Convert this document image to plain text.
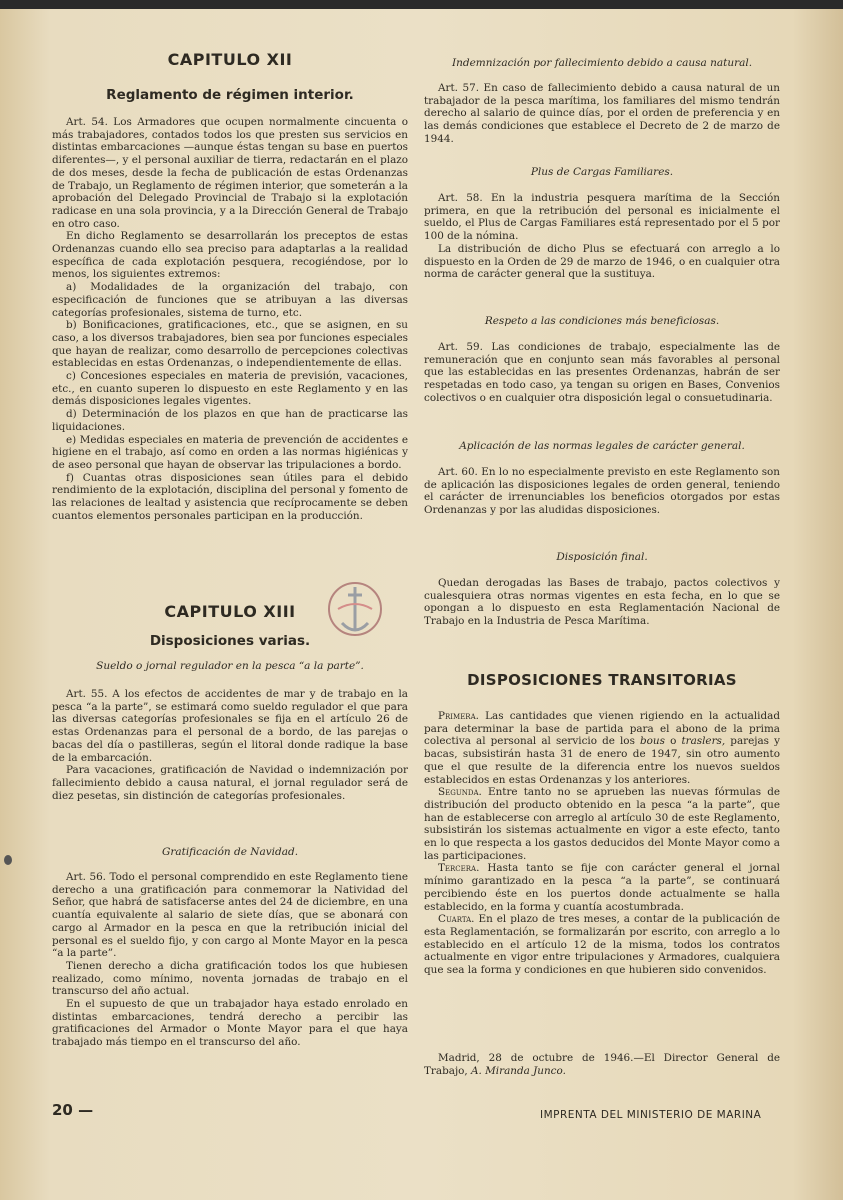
CAPITULO XII
Reglamento de régimen interior.

Art. 54. Los Armadores que ocupen normalmente cincuenta o más trabajadores, contados todos los que presten sus servicios en distintas embarcaciones —aunque éstas tengan su base en puertos diferentes—, y el personal auxiliar de tierra, redactarán en el plazo de dos meses, desde la fecha de publicación de estas Ordenanzas de Trabajo, un Reglamento de régimen interior, que someterán a la aprobación del Delegado Provincial de Trabajo si la explotación radicase en una sola provincia, y a la Dirección General de Trabajo en otro caso.

En dicho Reglamento se desarrollarán los preceptos de estas Ordenanzas cuando ello sea preciso para adaptarlas a la realidad específica de cada explotación pesquera, recogiéndose, por lo menos, los siguientes extremos:

a) Modalidades de la organización del trabajo, con especificación de funciones que se atribuyan a las diversas categorías profesionales, sistema de turno, etc.

b) Bonificaciones, gratificaciones, etc., que se asignen, en su caso, a los diversos trabajadores, bien sea por funciones especiales que hayan de realizar, como desarrollo de percepciones colectivas establecidas en estas Ordenanzas, o independientemente de ellas.

c) Concesiones especiales en materia de previsión, vacaciones, etc., en cuanto superen lo dispuesto en este Reglamento y en las demás disposiciones legales vigentes.

d) Determinación de los plazos en que han de practicarse las liquidaciones.

e) Medidas especiales en materia de prevención de accidentes e higiene en el trabajo, así como en orden a las normas higiénicas y de aseo personal que hayan de observar las tripulaciones a bordo.

f) Cuantas otras disposiciones sean útiles para el debido rendimiento de la explotación, disciplina del personal y fomento de las relaciones de lealtad y asistencia que recíprocamente se deben cuantos elementos personales participan en la producción.

CAPITULO XIII
Disposiciones varias.

Sueldo o jornal regulador en la pesca “a la parte”.

Art. 55. A los efectos de accidentes de mar y de trabajo en la pesca “a la parte”, se estimará como sueldo regulador el que para las diversas categorías profesionales se fija en el artículo 26 de estas Ordenanzas para el personal de a bordo, de las parejas o bacas del día o pastilleras, según el litoral donde radique la base de la embarcación.

Para vacaciones, gratificación de Navidad o indemnización por fallecimiento debido a causa natural, el jornal regulador será de diez pesetas, sin distinción de categorías profesionales.

Gratificación de Navidad.

Art. 56. Todo el personal comprendido en este Reglamento tiene derecho a una gratificación para conmemorar la Natividad del Señor, que habrá de satisfacerse antes del 24 de diciembre, en una cuantía equivalente al salario de siete días, que se abonará con cargo al Armador en la pesca en que la retribución inicial del personal es el sueldo fijo, y con cargo al Monte Mayor en la pesca “a la parte”.

Tienen derecho a dicha gratificación todos los que hubiesen realizado, como mínimo, noventa jornadas de trabajo en el transcurso del año actual.

En el supuesto de que un trabajador haya estado enrolado en distintas embarcaciones, tendrá derecho a percibir las gratificaciones del Armador o Monte Mayor para el que haya trabajado más tiempo en el transcurso del año.

Indemnización por fallecimiento debido a causa natural.

Art. 57. En caso de fallecimiento debido a causa natural de un trabajador de la pesca marítima, los familiares del mismo tendrán derecho al salario de quince días, por el orden de preferencia y en las demás condiciones que establece el Decreto de 2 de marzo de 1944.

Plus de Cargas Familiares.

Art. 58. En la industria pesquera marítima de la Sección primera, en que la retribución del personal es inicialmente el sueldo, el Plus de Cargas Familiares está representado por el 5 por 100 de la nómina.

La distribución de dicho Plus se efectuará con arreglo a lo dispuesto en la Orden de 29 de marzo de 1946, o en cualquier otra norma de carácter general que la sustituya.

Respeto a las condiciones más beneficiosas.

Art. 59. Las condiciones de trabajo, especialmente las de remuneración que en conjunto sean más favorables al personal que las establecidas en las presentes Ordenanzas, habrán de ser respetadas en todo caso, ya tengan su origen en Bases, Convenios colectivos o en cualquier otra disposición legal o consuetudinaria.

Aplicación de las normas legales de carácter general.

Art. 60. En lo no especialmente previsto en este Reglamento son de aplicación las disposiciones legales de orden general, teniendo el carácter de irrenunciables los beneficios otorgados por estas Ordenanzas y por las aludidas disposiciones.

Disposición final.

Quedan derogadas las Bases de trabajo, pactos colectivos y cualesquiera otras normas vigentes en esta fecha, en lo que se opongan a lo dispuesto en esta Reglamentación Nacional de Trabajo en la Industria de Pesca Marítima.

DISPOSICIONES TRANSITORIAS

Primera. Las cantidades que vienen rigiendo en la actualidad para determinar la base de partida para el abono de la prima colectiva al personal al servicio de los bous o traslers, parejas y bacas, subsistirán hasta 31 de enero de 1947, sin otro aumento que el que resulte de la diferencia entre los nuevos sueldos establecidos en estas Ordenanzas y los anteriores.

Segunda. Entre tanto no se aprueben las nuevas fórmulas de distribución del producto obtenido en la pesca “a la parte”, que han de establecerse con arreglo al artículo 30 de este Reglamento, subsistirán los sistemas actualmente en vigor a este efecto, tanto en lo que respecta a los gastos deducidos del Monte Mayor como a las participaciones.

Tercera. Hasta tanto se fije con carácter general el jornal mínimo garantizado en la pesca “a la parte”, se continuará percibiendo éste en los puertos donde actualmente se halla establecido, en la forma y cuantía acostumbrada.

Cuarta. En el plazo de tres meses, a contar de la publicación de esta Reglamentación, se formalizarán por escrito, con arreglo a lo establecido en el artículo 12 de la misma, todos los contratos actualmente en vigor entre tripulaciones y Armadores, cualquiera que sea la forma y condiciones en que hubieren sido convenidos.

Madrid, 28 de octubre de 1946.—El Director General de Trabajo, A. Miranda Junco.

20 —	IMPRENTA DEL MINISTERIO DE MARINA
